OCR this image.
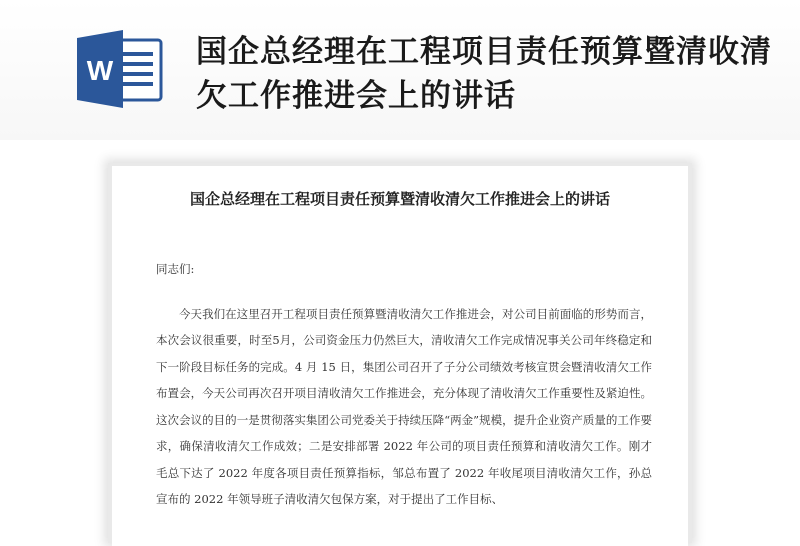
W
国企总经理在工程项目责任预算暨清收清欠工作推进会上的讲话
国企总经理在工程项目责任预算暨清收清欠工作推进会上的讲话

同志们:

今天我们在这里召开工程项目责任预算暨清收清欠工作推进会，对公司目前面临的形势而言，本次会议很重要，时至5月，公司资金压力仍然巨大，清收清欠工作完成情况事关公司年终稳定和下一阶段目标任务的完成。4 月 15 日，集团公司召开了子分公司绩效考核宣贯会暨清收清欠工作布置会，今天公司再次召开项目清收清欠工作推进会，充分体现了清收清欠工作重要性及紧迫性。这次会议的目的一是贯彻落实集团公司党委关于持续压降“两金”规模，提升企业资产质量的工作要求，确保清收清欠工作成效；二是安排部署 2022 年公司的项目责任预算和清收清欠工作。刚才毛总下达了 2022 年度各项目责任预算指标，邹总布置了 2022 年收尾项目清收清欠工作，孙总宣布的 2022 年领导班子清收清欠包保方案，对于提出了工作目标、
